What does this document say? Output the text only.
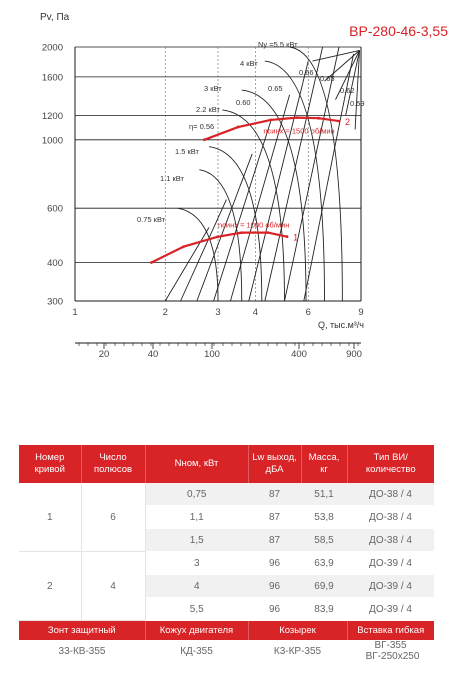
ВР-280-46-3,55
Pv, Па
Q, тыс.м³/ч
300
400
600
1000
1200
1600
2000
1	2	3	4	6	9
20	40	100	400	900
1
2
nсинх = 1000 об/мин
nсинх = 1500 об/мин
0.75 кВт
1.1 кВт
1.5 кВт
2.2 кВт
3 кВт
4 кВт
Ny =5.5 кВт
η= 0.56
0.60
0.65
0.66
0.65
0.62
0.59
Номер кривой	Число полюсов	Nном, кВт	Lw выход, дБА	Масса, кг	Тип ВИ/ количество
1	6	0,75	87	51,1	ДО-38 / 4
		1,1	87	53,8	ДО-38 / 4
		1,5	87	58,5	ДО-38 / 4
2	4	3	96	63,9	ДО-39 / 4
		4	96	69,9	ДО-39 / 4
		5,5	96	83,9	ДО-39 / 4
Зонт защитный		Кожух двигателя	Козырек		Вставка гибкая
33-КВ-355		КД-355	К3-КР-355		ВГ-355 ВГ-250х250
